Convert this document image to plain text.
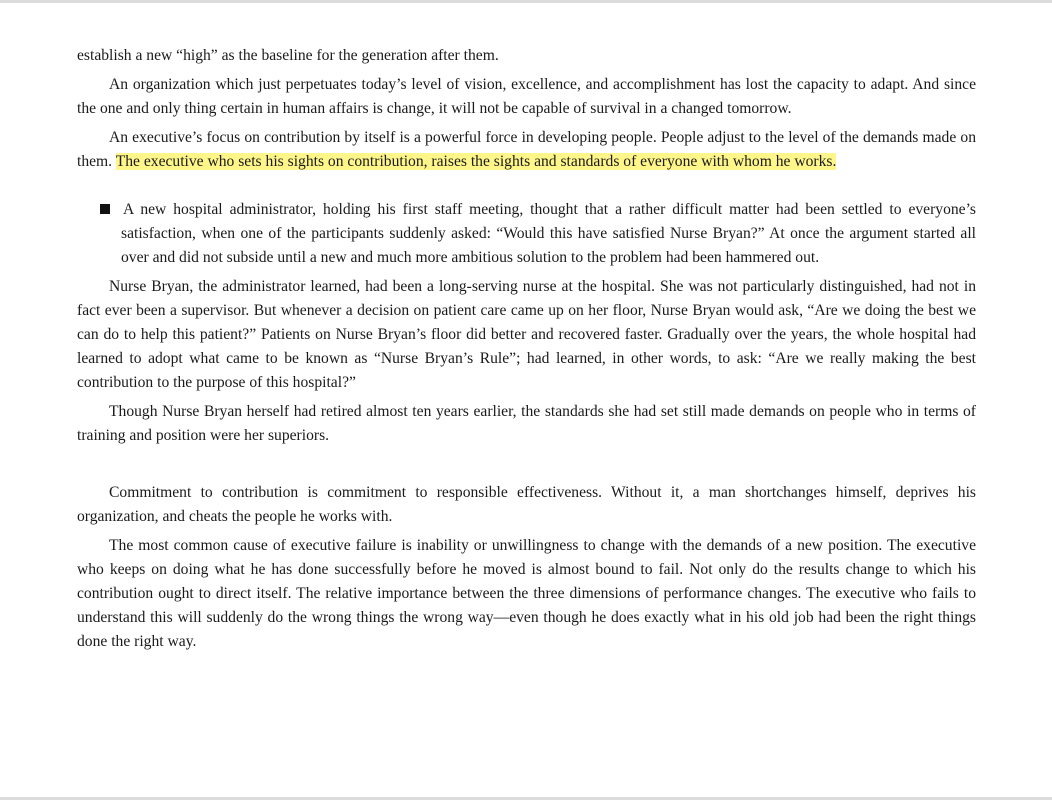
establish a new “high” as the baseline for the generation after them.

An organization which just perpetuates today’s level of vision, excellence, and accomplishment has lost the capacity to adapt. And since the one and only thing certain in human affairs is change, it will not be capable of survival in a changed tomorrow.

An executive’s focus on contribution by itself is a powerful force in developing people. People adjust to the level of the demands made on them. The executive who sets his sights on contribution, raises the sights and standards of everyone with whom he works.

A new hospital administrator, holding his first staff meeting, thought that a rather difficult matter had been settled to everyone’s satisfaction, when one of the participants suddenly asked: “Would this have satisfied Nurse Bryan?” At once the argument started all over and did not subside until a new and much more ambitious solution to the problem had been hammered out.

Nurse Bryan, the administrator learned, had been a long-serving nurse at the hospital. She was not particularly distinguished, had not in fact ever been a supervisor. But whenever a decision on patient care came up on her floor, Nurse Bryan would ask, “Are we doing the best we can do to help this patient?” Patients on Nurse Bryan’s floor did better and recovered faster. Gradually over the years, the whole hospital had learned to adopt what came to be known as “Nurse Bryan’s Rule”; had learned, in other words, to ask: “Are we really making the best contribution to the purpose of this hospital?”

Though Nurse Bryan herself had retired almost ten years earlier, the standards she had set still made demands on people who in terms of training and position were her superiors.

Commitment to contribution is commitment to responsible effectiveness. Without it, a man shortchanges himself, deprives his organization, and cheats the people he works with.

The most common cause of executive failure is inability or unwillingness to change with the demands of a new position. The executive who keeps on doing what he has done successfully before he moved is almost bound to fail. Not only do the results change to which his contribution ought to direct itself. The relative importance between the three dimensions of performance changes. The executive who fails to understand this will suddenly do the wrong things the wrong way—even though he does exactly what in his old job had been the right things done the right way.
